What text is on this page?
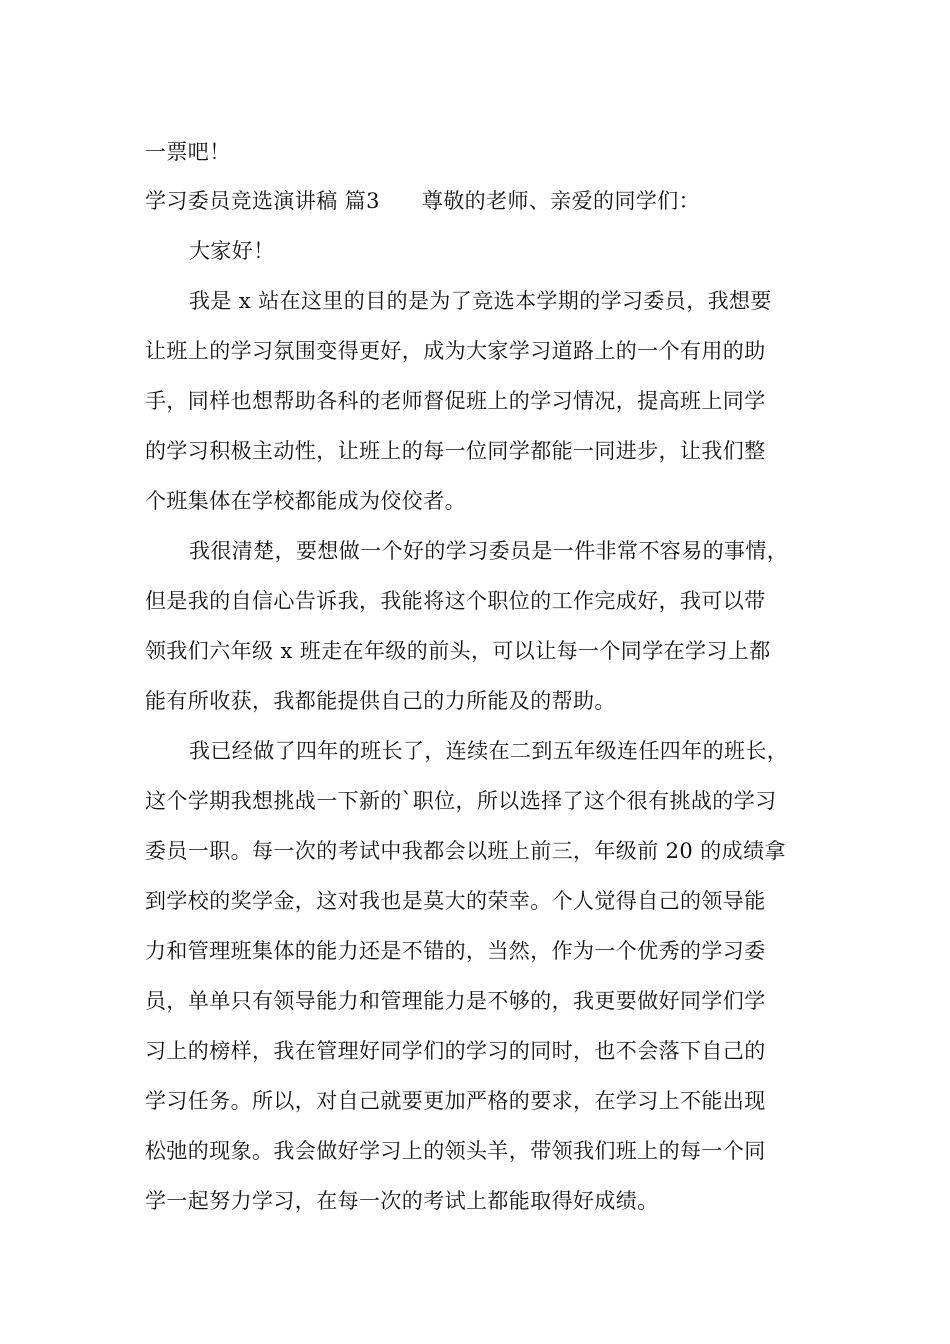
一票吧！
学习委员竞选演讲稿 篇3 尊敬的老师、亲爱的同学们：
大家好！
我是 x 站在这里的目的是为了竞选本学期的学习委员，我想要
让班上的学习氛围变得更好，成为大家学习道路上的一个有用的助
手，同样也想帮助各科的老师督促班上的学习情况，提高班上同学
的学习积极主动性，让班上的每一位同学都能一同进步，让我们整
个班集体在学校都能成为佼佼者。
我很清楚，要想做一个好的学习委员是一件非常不容易的事情，
但是我的自信心告诉我，我能将这个职位的工作完成好，我可以带
领我们六年级 x 班走在年级的前头，可以让每一个同学在学习上都
能有所收获，我都能提供自己的力所能及的帮助。
我已经做了四年的班长了，连续在二到五年级连任四年的班长，
这个学期我想挑战一下新的`职位，所以选择了这个很有挑战的学习
委员一职。每一次的考试中我都会以班上前三，年级前 20 的成绩拿
到学校的奖学金，这对我也是莫大的荣幸。个人觉得自己的领导能
力和管理班集体的能力还是不错的，当然，作为一个优秀的学习委
员，单单只有领导能力和管理能力是不够的，我更要做好同学们学
习上的榜样，我在管理好同学们的学习的同时，也不会落下自己的
学习任务。所以，对自己就要更加严格的要求，在学习上不能出现
松弛的现象。我会做好学习上的领头羊，带领我们班上的每一个同
学一起努力学习，在每一次的考试上都能取得好成绩。
